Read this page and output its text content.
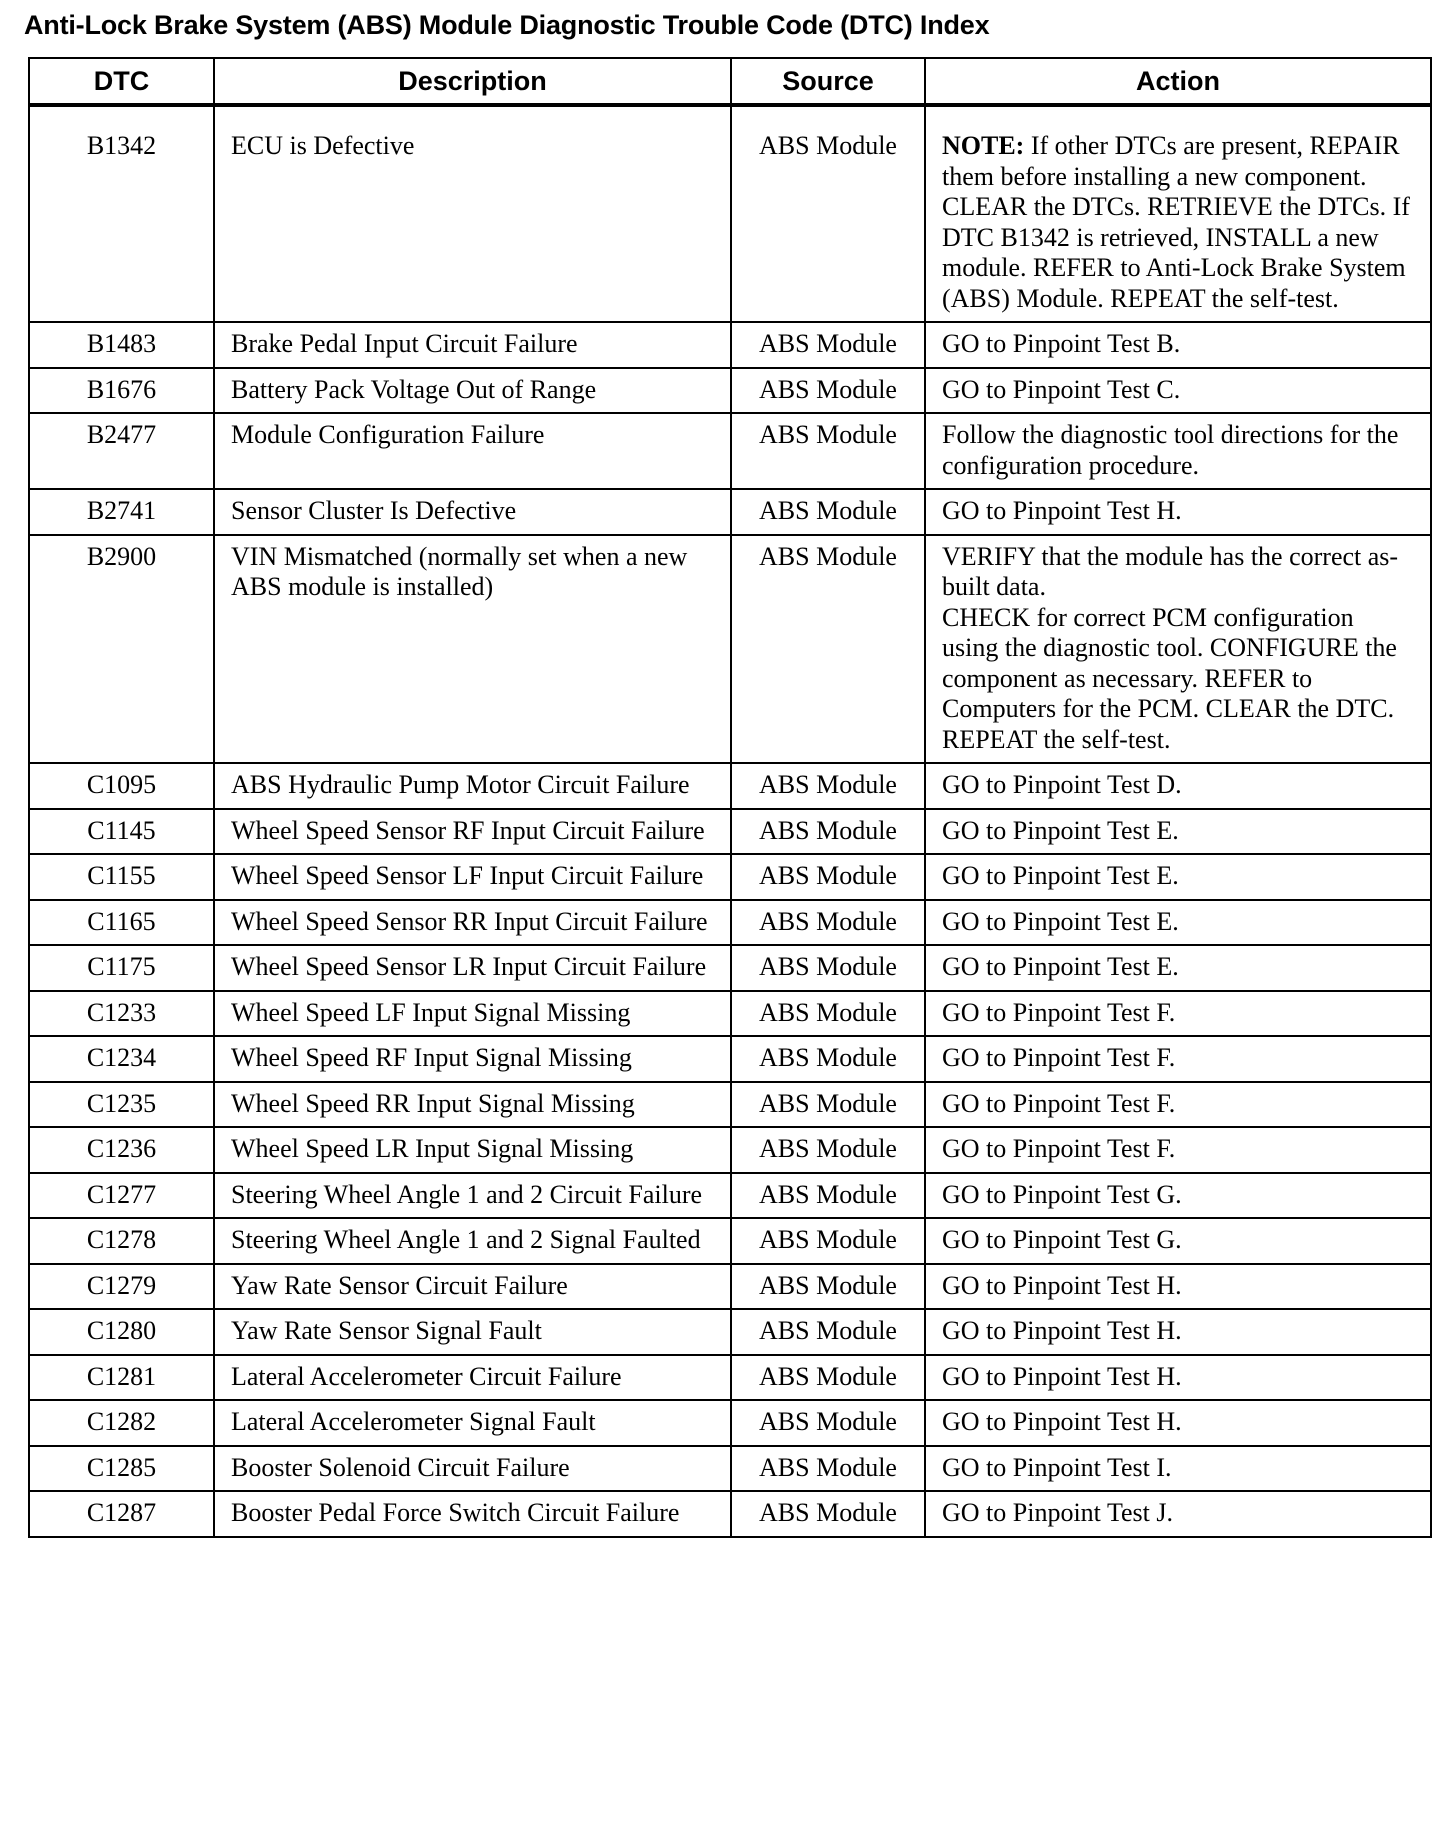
Anti-Lock Brake System (ABS) Module Diagnostic Trouble Code (DTC) Index
DTC	Description	Source	Action
B1342	ECU is Defective	ABS Module	NOTE: If other DTCs are present, REPAIR them before installing a new component.
CLEAR the DTCs. RETRIEVE the DTCs. If DTC B1342 is retrieved, INSTALL a new module. REFER to Anti-Lock Brake System (ABS) Module. REPEAT the self-test.

B1483	Brake Pedal Input Circuit Failure	ABS Module	GO to Pinpoint Test B.

B1676	Battery Pack Voltage Out of Range	ABS Module	GO to Pinpoint Test C.

B2477	Module Configuration Failure	ABS Module	Follow the diagnostic tool directions for the configuration procedure.

B2741	Sensor Cluster Is Defective	ABS Module	GO to Pinpoint Test H.

B2900	VIN Mismatched (normally set when a new ABS module is installed)	ABS Module	VERIFY that the module has the correct as-built data.
CHECK for correct PCM configuration using the diagnostic tool. CONFIGURE the component as necessary. REFER to Computers for the PCM. CLEAR the DTC. REPEAT the self-test.

C1095	ABS Hydraulic Pump Motor Circuit Failure	ABS Module	GO to Pinpoint Test D.

C1145	Wheel Speed Sensor RF Input Circuit Failure	ABS Module	GO to Pinpoint Test E.

C1155	Wheel Speed Sensor LF Input Circuit Failure	ABS Module	GO to Pinpoint Test E.

C1165	Wheel Speed Sensor RR Input Circuit Failure	ABS Module	GO to Pinpoint Test E.

C1175	Wheel Speed Sensor LR Input Circuit Failure	ABS Module	GO to Pinpoint Test E.

C1233	Wheel Speed LF Input Signal Missing	ABS Module	GO to Pinpoint Test F.

C1234	Wheel Speed RF Input Signal Missing	ABS Module	GO to Pinpoint Test F.

C1235	Wheel Speed RR Input Signal Missing	ABS Module	GO to Pinpoint Test F.

C1236	Wheel Speed LR Input Signal Missing	ABS Module	GO to Pinpoint Test F.

C1277	Steering Wheel Angle 1 and 2 Circuit Failure	ABS Module	GO to Pinpoint Test G.

C1278	Steering Wheel Angle 1 and 2 Signal Faulted	ABS Module	GO to Pinpoint Test G.

C1279	Yaw Rate Sensor Circuit Failure	ABS Module	GO to Pinpoint Test H.

C1280	Yaw Rate Sensor Signal Fault	ABS Module	GO to Pinpoint Test H.

C1281	Lateral Accelerometer Circuit Failure	ABS Module	GO to Pinpoint Test H.

C1282	Lateral Accelerometer Signal Fault	ABS Module	GO to Pinpoint Test H.

C1285	Booster Solenoid Circuit Failure	ABS Module	GO to Pinpoint Test I.

C1287	Booster Pedal Force Switch Circuit Failure	ABS Module	GO to Pinpoint Test J.
